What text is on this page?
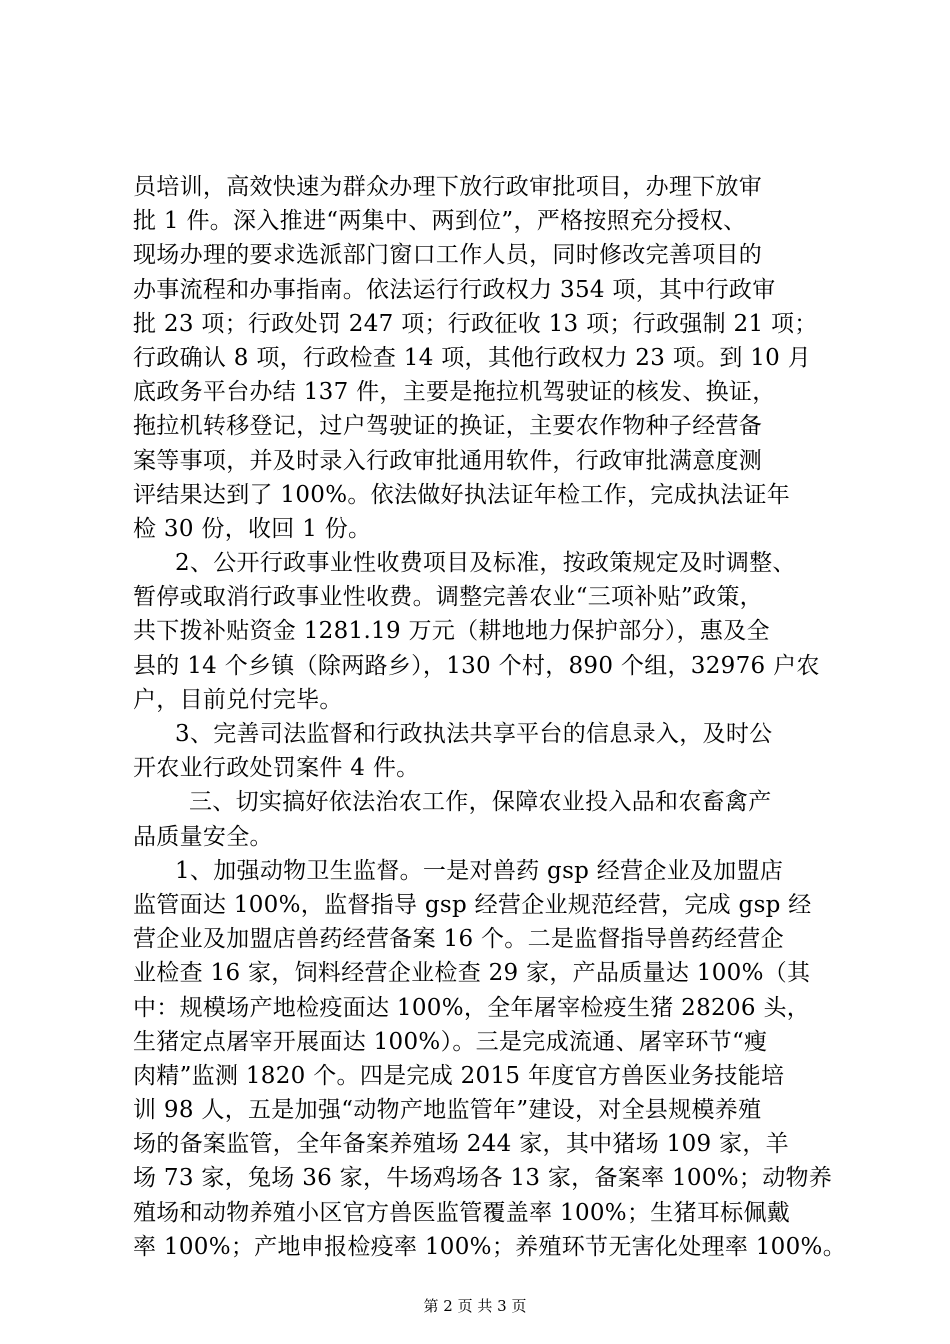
员培训，高效快速为群众办理下放行政审批项目，办理下放审
批 1 件。深入推进“两集中、两到位”，严格按照充分授权、
现场办理的要求选派部门窗口工作人员，同时修改完善项目的
办事流程和办事指南。依法运行行政权力 354 项，其中行政审
批 23 项；行政处罚 247 项；行政征收 13 项；行政强制 21 项；
行政确认 8 项，行政检查 14 项，其他行政权力 23 项。到 10 月
底政务平台办结 137 件，主要是拖拉机驾驶证的核发、换证，
拖拉机转移登记，过户驾驶证的换证，主要农作物种子经营备
案等事项，并及时录入行政审批通用软件，行政审批满意度测
评结果达到了 100%。依法做好执法证年检工作，完成执法证年
检 30 份，收回 1 份。
2、公开行政事业性收费项目及标准，按政策规定及时调整、
暂停或取消行政事业性收费。调整完善农业“三项补贴”政策，
共下拨补贴资金 1281.19 万元（耕地地力保护部分），惠及全
县的 14 个乡镇（除两路乡），130 个村，890 个组，32976 户农
户，目前兑付完毕。
3、完善司法监督和行政执法共享平台的信息录入，及时公
开农业行政处罚案件 4 件。
三、切实搞好依法治农工作，保障农业投入品和农畜禽产
品质量安全。
1、加强动物卫生监督。一是对兽药 gsp 经营企业及加盟店
监管面达 100%，监督指导 gsp 经营企业规范经营，完成 gsp 经
营企业及加盟店兽药经营备案 16 个。二是监督指导兽药经营企
业检查 16 家，饲料经营企业检查 29 家，产品质量达 100%（其
中：规模场产地检疫面达 100%，全年屠宰检疫生猪 28206 头，
生猪定点屠宰开展面达 100%）。三是完成流通、屠宰环节“瘦
肉精”监测 1820 个。四是完成 2015 年度官方兽医业务技能培
训 98 人，五是加强“动物产地监管年”建设，对全县规模养殖
场的备案监管，全年备案养殖场 244 家，其中猪场 109 家，羊
场 73 家，兔场 36 家，牛场鸡场各 13 家，备案率 100%；动物养
殖场和动物养殖小区官方兽医监管覆盖率 100%；生猪耳标佩戴
率 100%；产地申报检疫率 100%；养殖环节无害化处理率 100%。
第 2 页 共 3 页
